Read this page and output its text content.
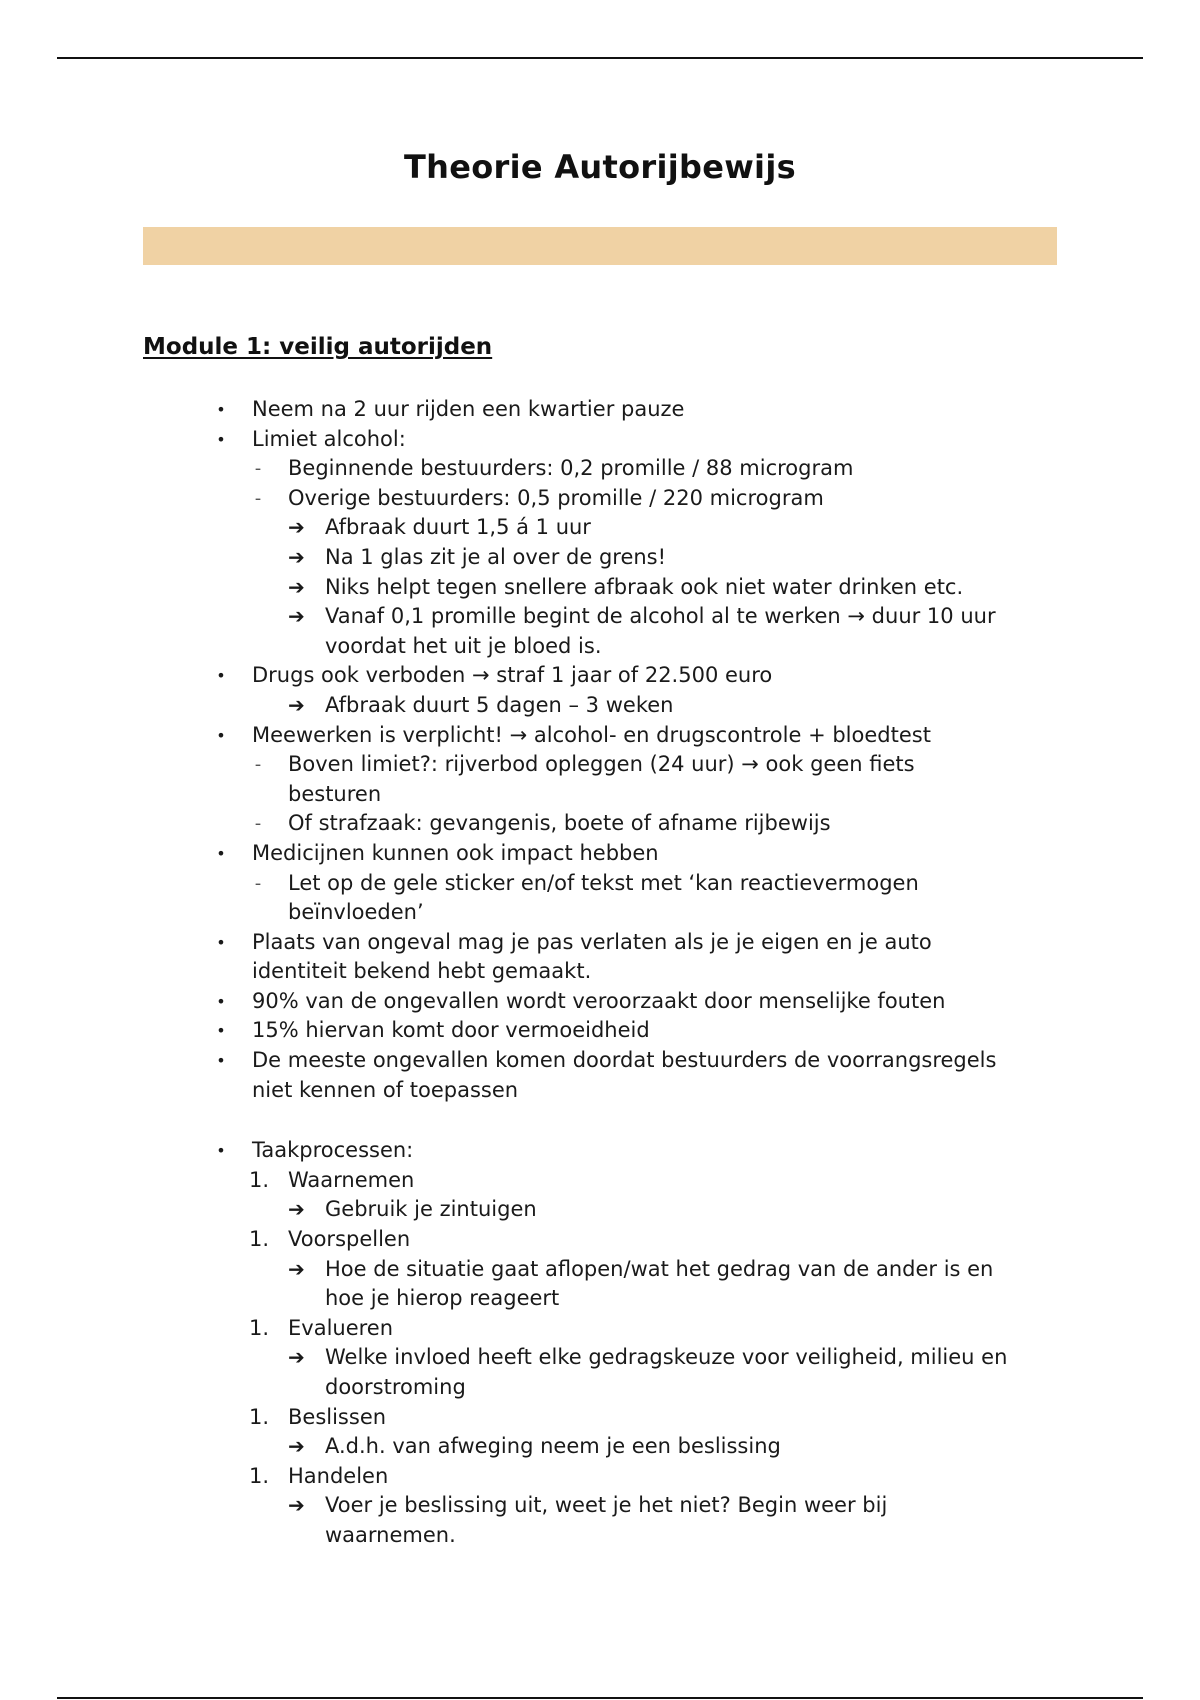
Theorie Autorijbewijs
Module 1: veilig autorijden
• Neem na 2 uur rijden een kwartier pauze
• Limiet alcohol:
- Beginnende bestuurders: 0,2 promille / 88 microgram
- Overige bestuurders: 0,5 promille / 220 microgram
➔ Afbraak duurt 1,5 á 1 uur
➔ Na 1 glas zit je al over de grens!
➔ Niks helpt tegen snellere afbraak ook niet water drinken etc.
➔ Vanaf 0,1 promille begint de alcohol al te werken → duur 10 uur
voordat het uit je bloed is.
• Drugs ook verboden → straf 1 jaar of 22.500 euro
➔ Afbraak duurt 5 dagen – 3 weken
• Meewerken is verplicht! → alcohol- en drugscontrole + bloedtest
- Boven limiet?: rijverbod opleggen (24 uur) → ook geen fiets
besturen
- Of strafzaak: gevangenis, boete of afname rijbewijs
• Medicijnen kunnen ook impact hebben
- Let op de gele sticker en/of tekst met ‘kan reactievermogen
beïnvloeden’
• Plaats van ongeval mag je pas verlaten als je je eigen en je auto
identiteit bekend hebt gemaakt.
• 90% van de ongevallen wordt veroorzaakt door menselijke fouten
• 15% hiervan komt door vermoeidheid
• De meeste ongevallen komen doordat bestuurders de voorrangsregels
niet kennen of toepassen
• Taakprocessen:
1. Waarnemen
➔ Gebruik je zintuigen
1. Voorspellen
➔ Hoe de situatie gaat aflopen/wat het gedrag van de ander is en
hoe je hierop reageert
1. Evalueren
➔ Welke invloed heeft elke gedragskeuze voor veiligheid, milieu en
doorstroming
1. Beslissen
➔ A.d.h. van afweging neem je een beslissing
1. Handelen
➔ Voer je beslissing uit, weet je het niet? Begin weer bij
waarnemen.
